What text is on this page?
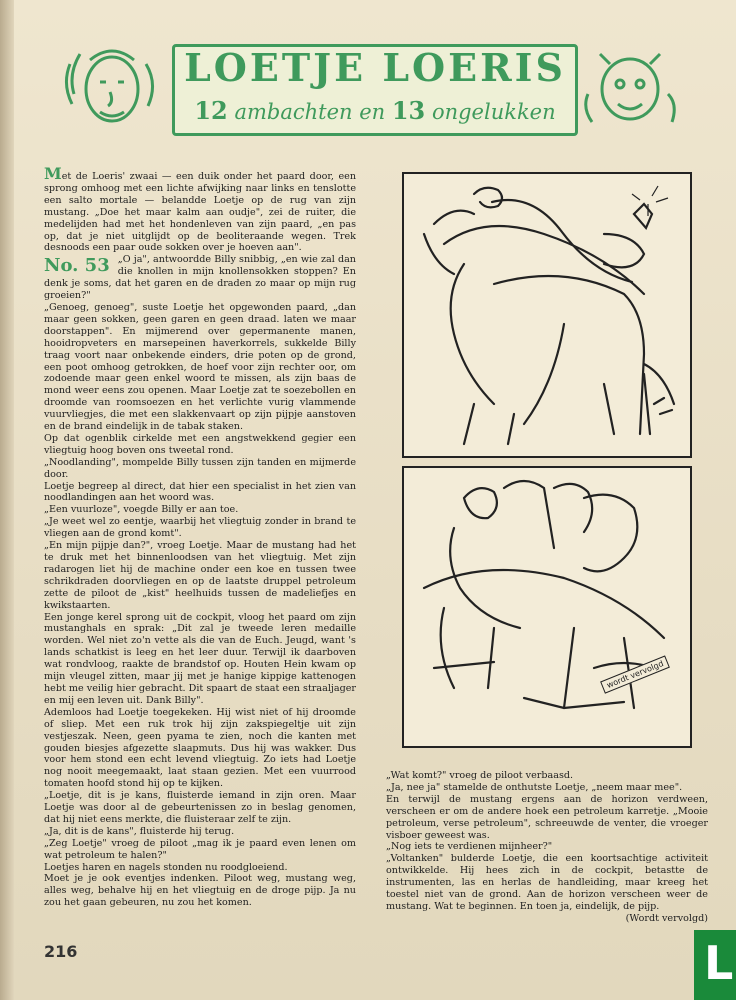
LOETJE LOERIS
12 ambachten en 13 ongelukken

Met de Loeris' zwaai — een duik onder het paard door, een sprong omhoog met een lichte afwijking naar links en tenslotte een salto mortale — belandde Loetje op de rug van zijn mustang. „Doe het maar kalm aan oudje", zei de ruiter, die medelijden had met het hondenleven van zijn paard, „en pas op, dat je niet uitglijdt op de beoliteraande wegen. Trek desnoods een paar oude sokken over je hoeven aan".

No. 53 „O ja", antwoordde Billy snibbig, „en wie zal dan die knollen in mijn knollensokken stoppen? En denk je soms, dat het garen en de draden zo maar op mijn rug groeien?"

„Genoeg, genoeg", suste Loetje het opgewonden paard, „dan maar geen sokken, geen garen en geen draad. laten we maar doorstappen". En mijmerend over gepermanente manen, hooidropveters en marsepeinen haverkorrels, sukkelde Billy traag voort naar onbekende einders, drie poten op de grond, een poot omhoog getrokken, de hoef voor zijn rechter oor, om zodoende maar geen enkel woord te missen, als zijn baas de mond weer eens zou openen. Maar Loetje zat te soezebollen en droomde van roomsoezen en het verlichte vurig vlammende vuurvliegjes, die met een slakkenvaart op zijn pijpje aanstoven en de brand eindelijk in de tabak staken.

Op dat ogenblik cirkelde met een angstwekkend gegier een vliegtuig hoog boven ons tweetal rond.

„Noodlanding", mompelde Billy tussen zijn tanden en mijmerde door.

Loetje begreep al direct, dat hier een specialist in het zien van noodlandingen aan het woord was.

„Een vuurloze", voegde Billy er aan toe.

„Je weet wel zo eentje, waarbij het vliegtuig zonder in brand te vliegen aan de grond komt".

„En mijn pijpje dan?", vroeg Loetje. Maar de mustang had het te druk met het binnenloodsen van het vliegtuig. Met zijn radarogen liet hij de machine onder een koe en tussen twee schrikdraden doorvliegen en op de laatste druppel petroleum zette de piloot de „kist" heelhuids tussen de madeliefjes en kwikstaarten.

Een jonge kerel sprong uit de cockpit, vloog het paard om zijn mustanghals en sprak: „Dit zal je tweede leren medaille worden. Wel niet zo'n vette als die van de Euch. Jeugd, want 's lands schatkist is leeg en het leer duur. Terwijl ik daarboven wat rondvloog, raakte de brandstof op. Houten Hein kwam op mijn vleugel zitten, maar jij met je hanige kippige kattenogen hebt me veilig hier gebracht. Dit spaart de staat een straaljager en mij een leven uit. Dank Billy".

Ademloos had Loetje toegekeken. Hij wist niet of hij droomde of sliep. Met een ruk trok hij zijn zakspiegeltje uit zijn vestjeszak. Neen, geen pyama te zien, noch die kanten met gouden biesjes afgezette slaapmuts. Dus hij was wakker. Dus voor hem stond een echt levend vliegtuig. Zo iets had Loetje nog nooit meegemaakt, laat staan gezien. Met een vuurrood tomaten hoofd stond hij op te kijken.

„Loetje, dit is je kans, fluisterde iemand in zijn oren. Maar Loetje was door al de gebeurtenissen zo in beslag genomen, dat hij niet eens merkte, die fluisteraar zelf te zijn.

„Ja, dit is de kans", fluisterde hij terug.

„Zeg Loetje" vroeg de piloot „mag ik je paard even lenen om wat petroleum te halen?"

Loetjes haren en nagels stonden nu roodgloeiend.

Moet je je ook eventjes indenken. Piloot weg, mustang weg, alles weg, behalve hij en het vliegtuig en de droge pijp. Ja nu zou het gaan gebeuren, nu zou het komen.

wordt vervolgd

„Wat komt?" vroeg de piloot verbaasd.

„Ja, nee ja" stamelde de onthutste Loetje, „neem maar mee".

En terwijl de mustang ergens aan de horizon verdween, verscheen er om de andere hoek een petroleum karretje. „Mooie petroleum, verse petroleum", schreeuwde de venter, die vroeger visboer geweest was.

„Nog iets te verdienen mijnheer?"

„Voltanken" bulderde Loetje, die een koortsachtige activiteit ontwikkelde. Hij hees zich in de cockpit, betastte de instrumenten, las en herlas de handleiding, maar kreeg het toestel niet van de grond. Aan de horizon verscheen weer de mustang. Wat te beginnen. En toen ja, eindelijk, de pijp.

(Wordt vervolgd)

216	L
